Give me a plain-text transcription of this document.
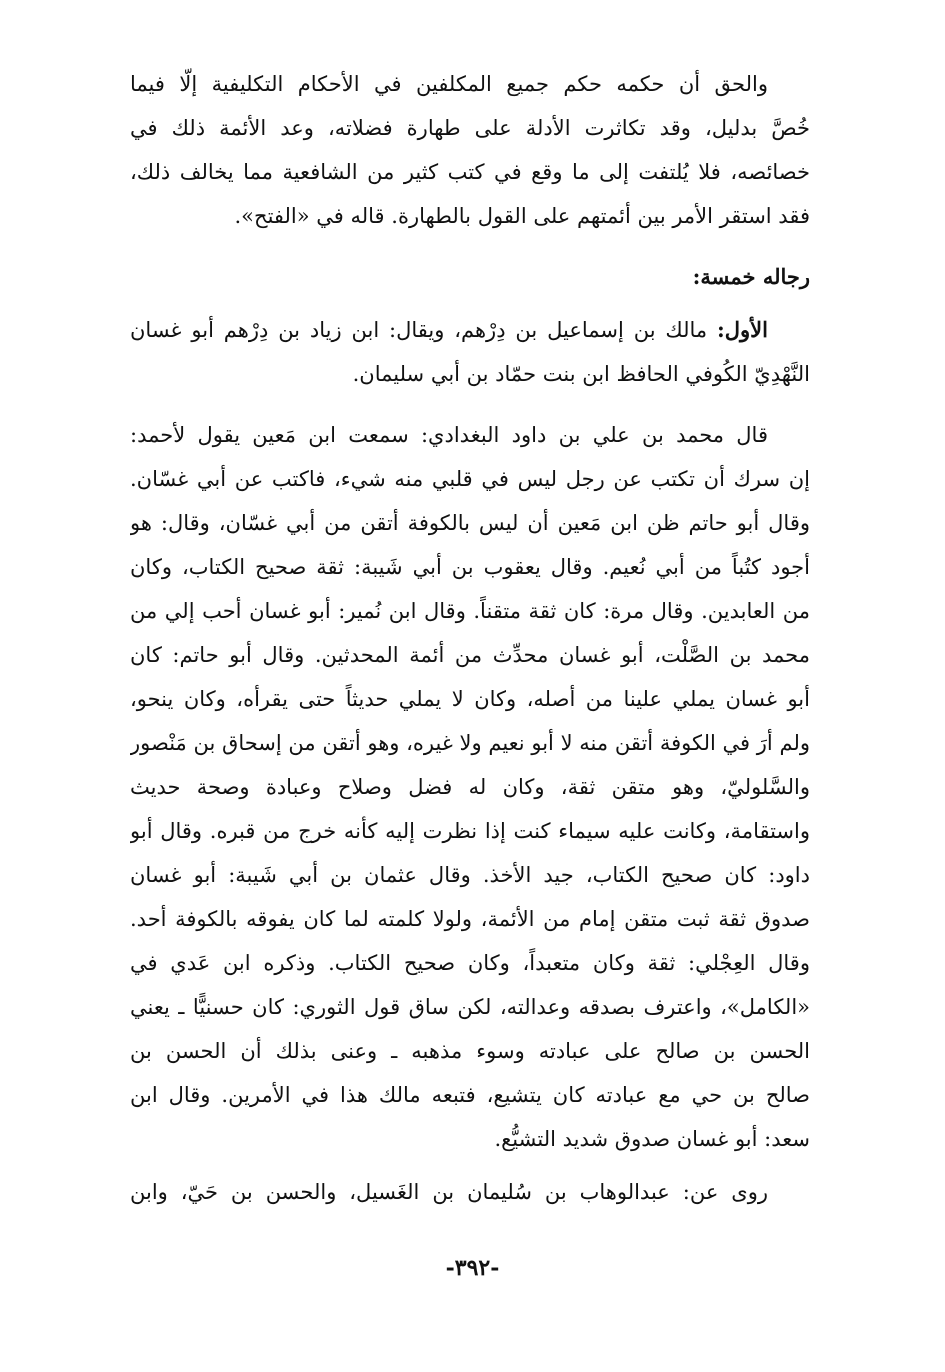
والحق أن حكمه حكم جميع المكلفين في الأحكام التكليفية إلّا فيما
خُصَّ بدليل، وقد تكاثرت الأدلة على طهارة فضلاته، وعد الأئمة ذلك في
خصائصه، فلا يُلتفت إلى ما وقع في كتب كثير من الشافعية مما يخالف ذلك،
فقد استقر الأمر بين أئمتهم على القول بالطهارة. قاله في «الفتح».
رجاله خمسة:
الأول: مالك بن إسماعيل بن دِرْهم، ويقال: ابن زياد بن دِرْهم أبو غسان
النَّهْدِيّ الكُوفي الحافظ ابن بنت حمّاد بن أبي سليمان.
قال محمد بن علي بن داود البغدادي: سمعت ابن مَعين يقول لأحمد:
إن سرك أن تكتب عن رجل ليس في قلبي منه شيء، فاكتب عن أبي غسّان.
وقال أبو حاتم ظن ابن مَعين أن ليس بالكوفة أتقن من أبي غسّان، وقال: هو
أجود كتُباً من أبي نُعيم. وقال يعقوب بن أبي شَيبة: ثقة صحيح الكتاب، وكان
من العابدين. وقال مرة: كان ثقة متقناً. وقال ابن نُمير: أبو غسان أحب إلي من
محمد بن الصَّلْت، أبو غسان محدِّث من أئمة المحدثين. وقال أبو حاتم: كان
أبو غسان يملي علينا من أصله، وكان لا يملي حديثاً حتى يقرأه، وكان ينحو،
ولم أرَ في الكوفة أتقن منه لا أبو نعيم ولا غيره، وهو أتقن من إسحاق بن مَنْصور
والسَّلوليّ، وهو متقن ثقة، وكان له فضل وصلاح وعبادة وصحة حديث
واستقامة، وكانت عليه سيماء كنت إذا نظرت إليه كأنه خرج من قبره. وقال أبو
داود: كان صحيح الكتاب، جيد الأخذ. وقال عثمان بن أبي شَيبة: أبو غسان
صدوق ثقة ثبت متقن إمام من الأئمة، ولولا كلمته لما كان يفوقه بالكوفة أحد.
وقال العِجْلي: ثقة وكان متعبداً، وكان صحيح الكتاب. وذكره ابن عَدي في
«الكامل»، واعترف بصدقه وعدالته، لكن ساق قول الثوري: كان حسنيًّا ـ يعني
الحسن بن صالح على عبادته وسوء مذهبه ـ وعنى بذلك أن الحسن بن
صالح بن حي مع عبادته كان يتشيع، فتبعه مالك هذا في الأمرين. وقال ابن
سعد: أبو غسان صدوق شديد التشيُّع.
روى عن: عبدالوهاب بن سُليمان بن الغَسيل، والحسن بن حَيّ، وابن
-٣٩٢-
